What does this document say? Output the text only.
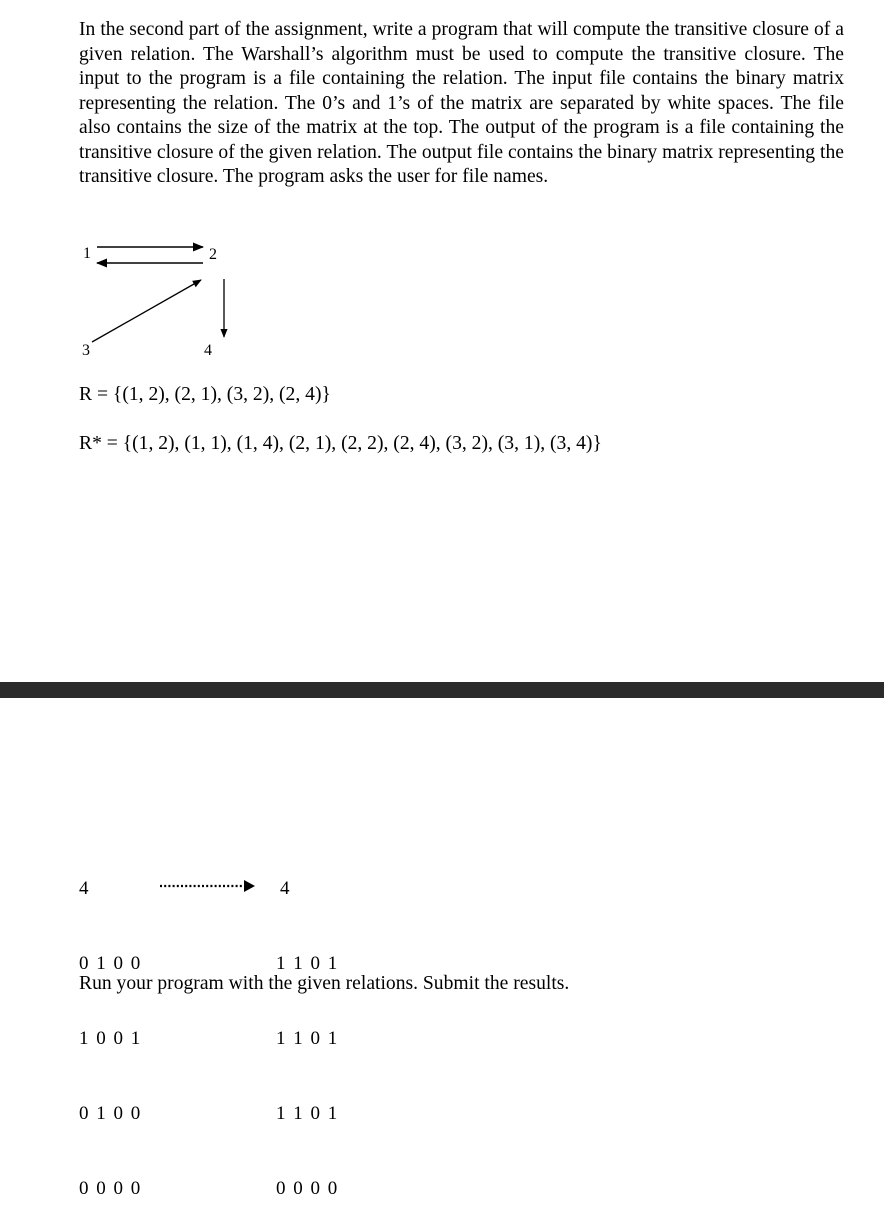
In the second part of the assignment, write a program that will compute the transitive closure of a given relation. The Warshall’s algorithm must be used to compute the transitive closure. The input to the program is a file containing the relation. The input file contains the binary matrix representing the relation. The 0’s and 1’s of the matrix are separated by white spaces. The file also contains the size of the matrix at the top. The output of the program is a file containing the transitive closure of the given relation. The output file contains the binary matrix representing the transitive closure. The program asks the user for file names.
1	2
3	4
R = {(1, 2), (2, 1), (3, 2), (2, 4)}
R* = {(1, 2), (1, 1), (1, 4), (2, 1), (2, 2), (2, 4), (3, 2), (3, 1), (3, 4)}

4

0 1 0 0

1 0 0 1

0 1 0 0

0 0 0 0

4

1 1 0 1

1 1 0 1

1 1 0 1

0 0 0 0

Run your program with the given relations. Submit the results.
